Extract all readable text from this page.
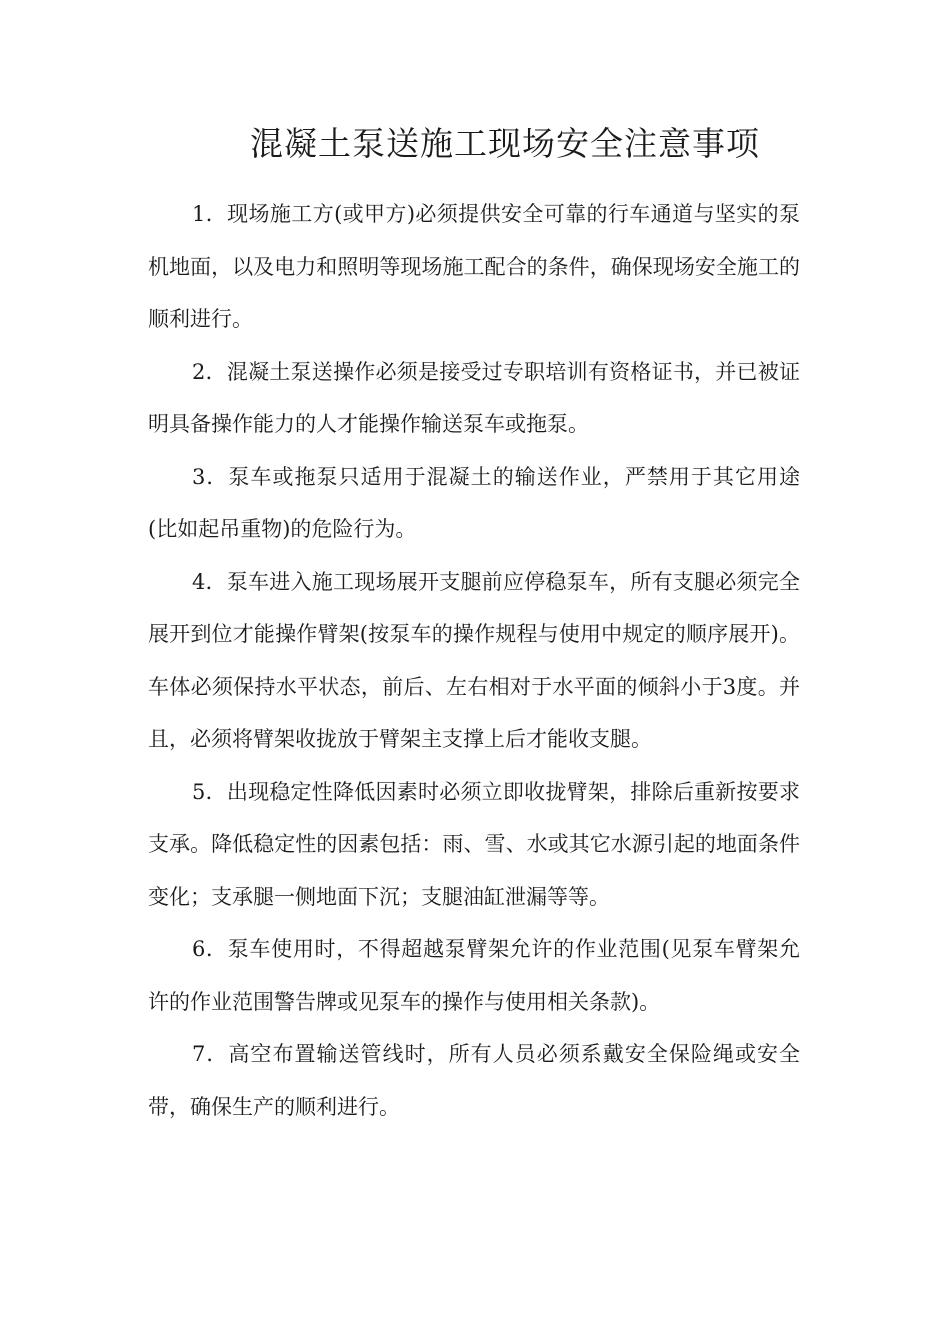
混凝土泵送施工现场安全注意事项

1．现场施工方(或甲方)必须提供安全可靠的行车通道与坚实的泵机地面，以及电力和照明等现场施工配合的条件，确保现场安全施工的顺利进行。

2．混凝土泵送操作必须是接受过专职培训有资格证书，并已被证明具备操作能力的人才能操作输送泵车或拖泵。

3．泵车或拖泵只适用于混凝土的输送作业，严禁用于其它用途(比如起吊重物)的危险行为。

4．泵车进入施工现场展开支腿前应停稳泵车，所有支腿必须完全展开到位才能操作臂架(按泵车的操作规程与使用中规定的顺序展开)。车体必须保持水平状态，前后、左右相对于水平面的倾斜小于3度。并且，必须将臂架收拢放于臂架主支撑上后才能收支腿。

5．出现稳定性降低因素时必须立即收拢臂架，排除后重新按要求支承。降低稳定性的因素包括：雨、雪、水或其它水源引起的地面条件变化；支承腿一侧地面下沉；支腿油缸泄漏等等。

6．泵车使用时，不得超越泵臂架允许的作业范围(见泵车臂架允许的作业范围警告牌或见泵车的操作与使用相关条款)。

7．高空布置输送管线时，所有人员必须系戴安全保险绳或安全带，确保生产的顺利进行。
